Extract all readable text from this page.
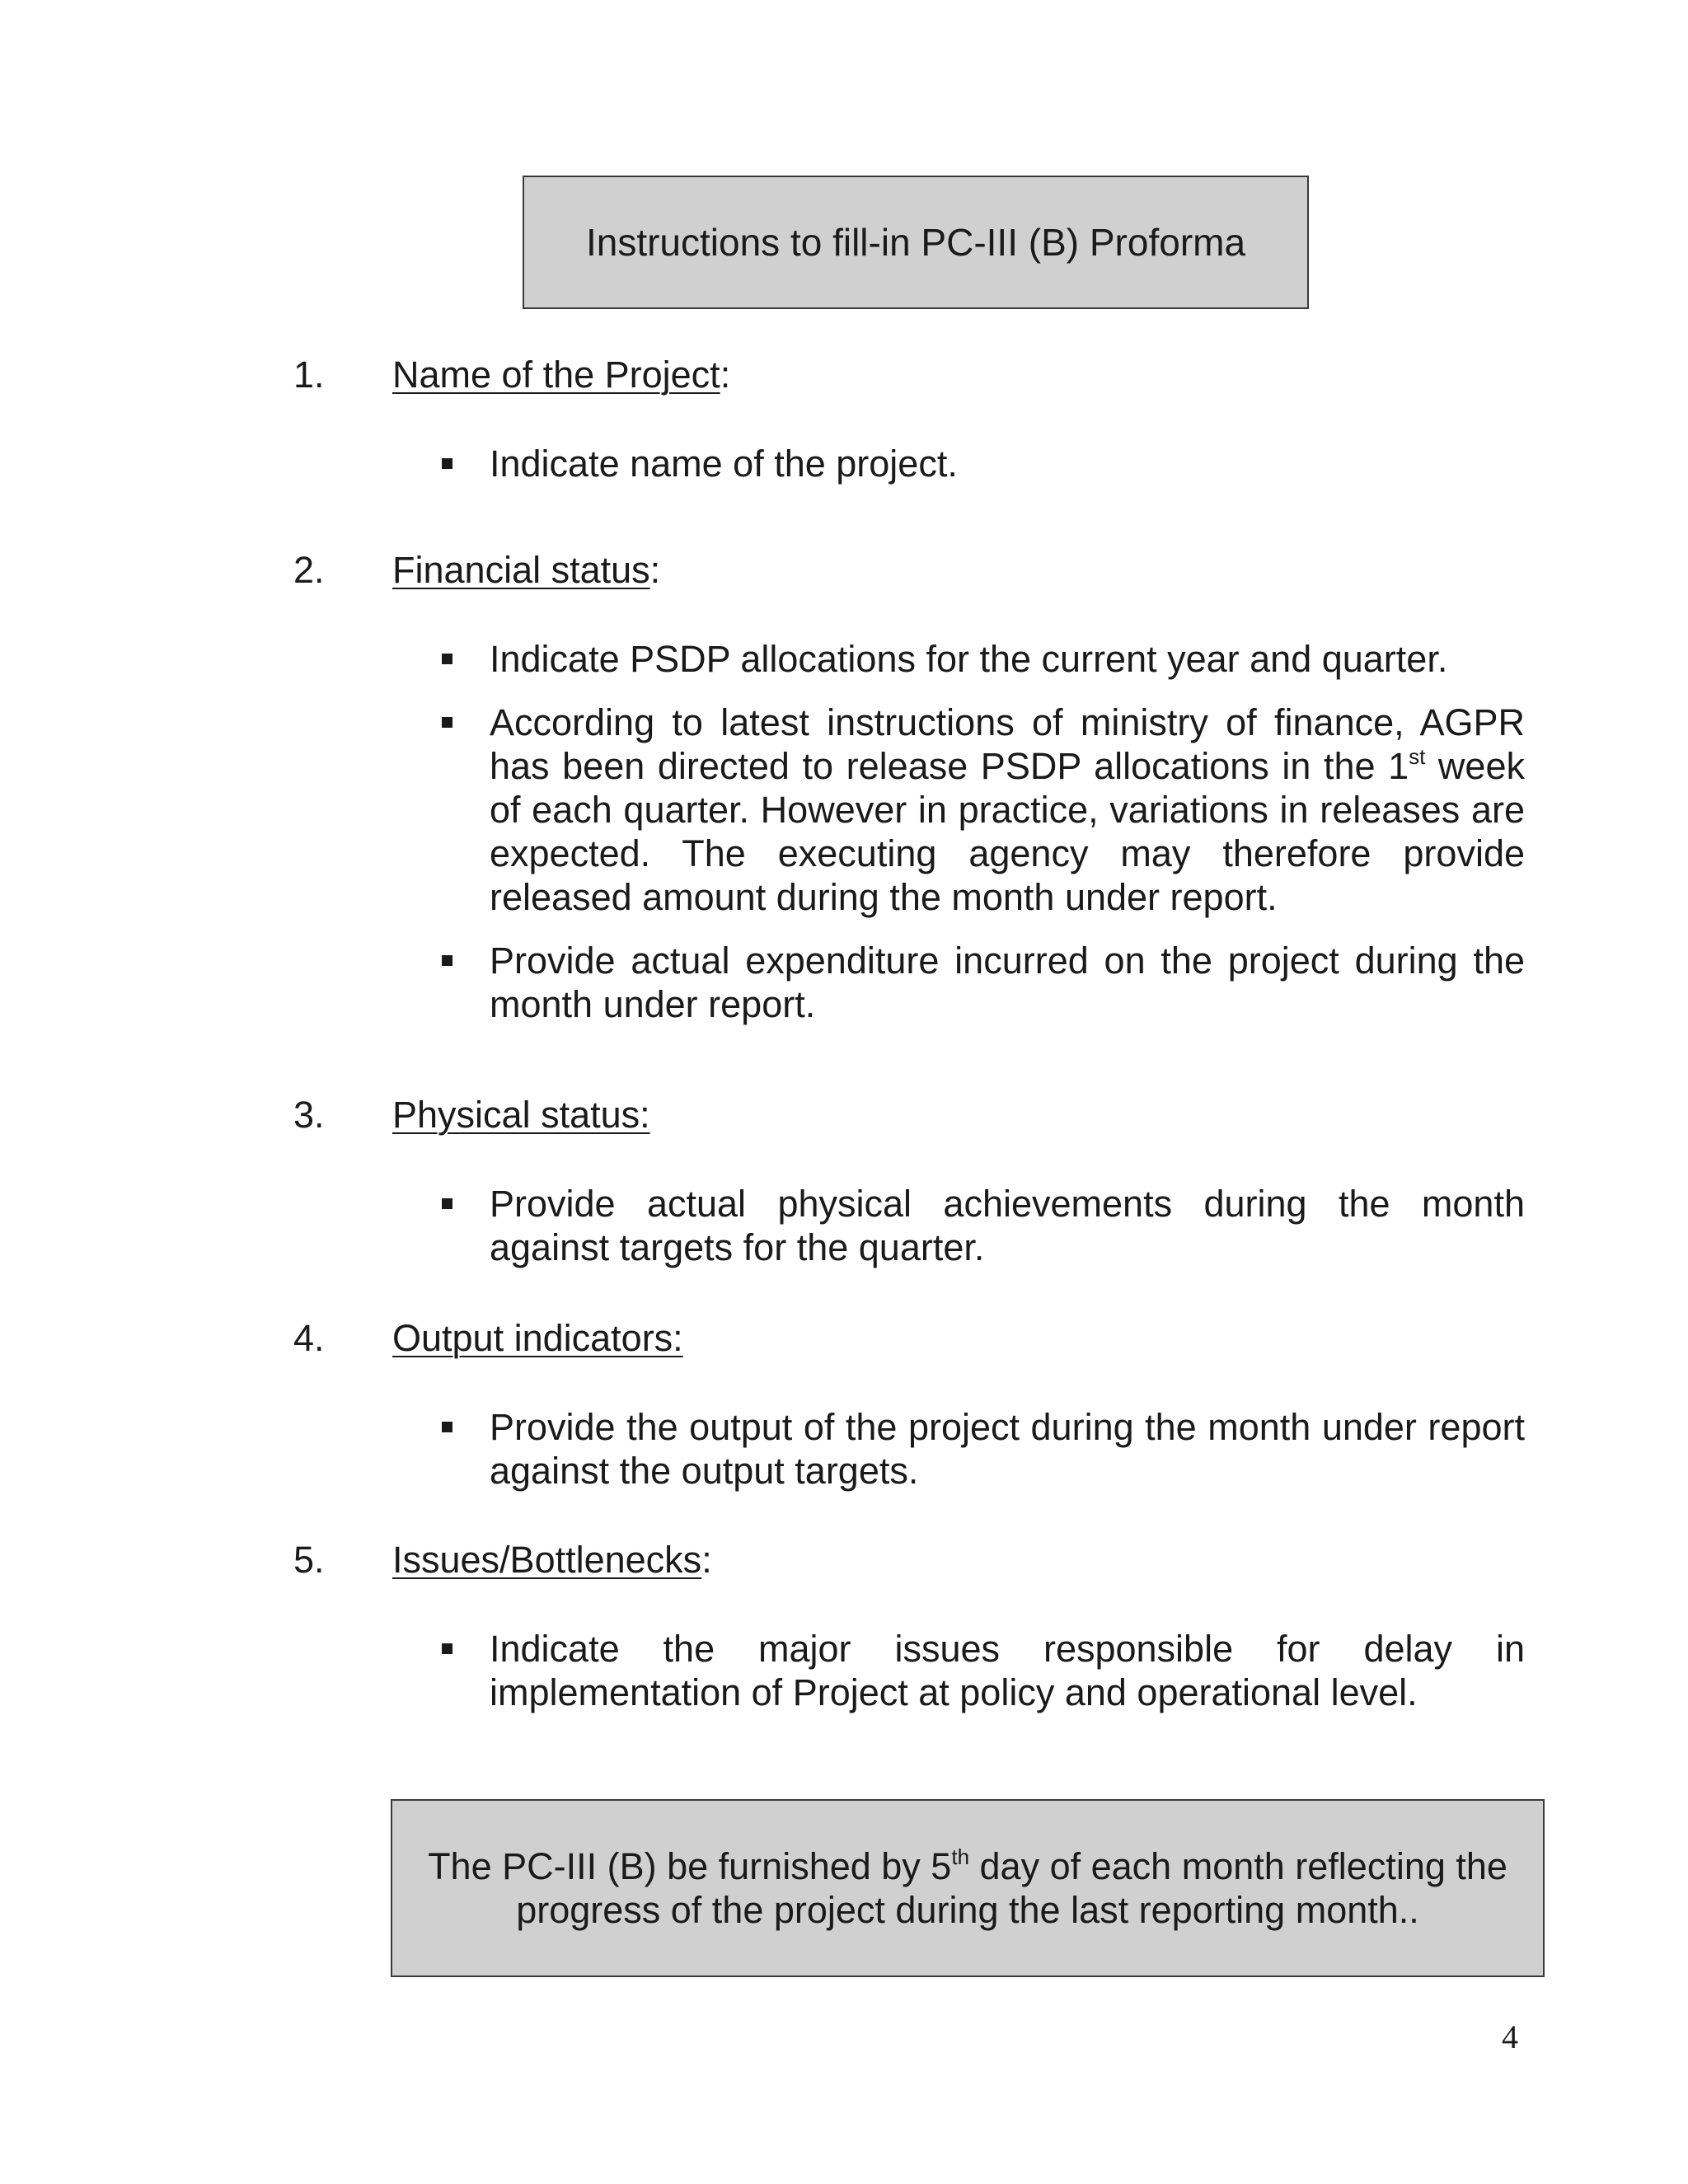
Instructions to fill-in PC-III (B) Proforma
1.	Name of the Project:
Indicate name of the project.
2.	Financial status:
Indicate PSDP allocations for the current year and quarter.
According to latest instructions of ministry of finance, AGPR has been directed to release PSDP allocations in the 1st week of each quarter. However in practice, variations in releases are expected. The executing agency may therefore provide released amount during the month under report.
Provide actual expenditure incurred on the project during the month under report.
3.	Physical status:
Provide actual physical achievements during the month against targets for the quarter.
4.	Output indicators:
Provide the output of the project during the month under report against the output targets.
5.	Issues/Bottlenecks:
Indicate the major issues responsible for delay in implementation of Project at policy and operational level.
The PC-III (B) be furnished by 5th day of each month reflecting the progress of the project during the last reporting month..
4
